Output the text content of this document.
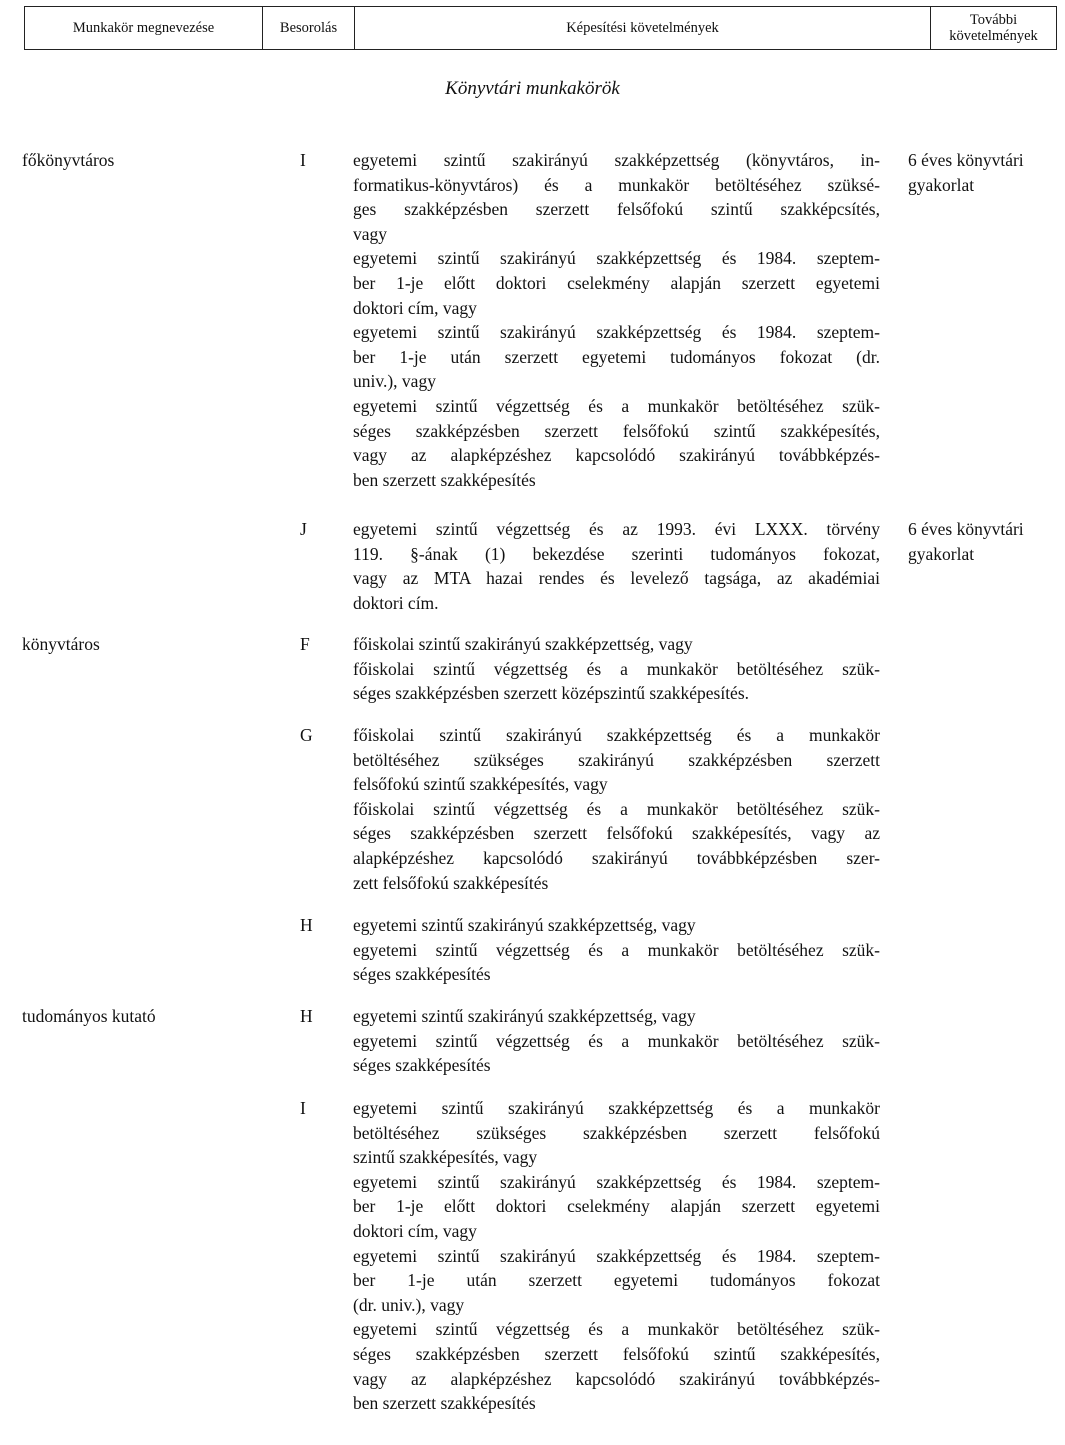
Munkakör megnevezése	Besorolás	Képesítési követelmények	További
követelmények
Könyvtári munkakörök
főkönyvtáros	I	egyetemi szintű szakirányú szakképzettség (könyvtáros, in-
formatikus-könyvtáros) és a munkakör betöltéséhez szüksé-
ges szakképzésben szerzett felsőfokú szintű szakképcsítés,
vagy
egyetemi szintű szakirányú szakképzettség és 1984. szeptem-
ber 1-je előtt doktori cselekmény alapján szerzett egyetemi
doktori cím, vagy
egyetemi szintű szakirányú szakképzettség és 1984. szeptem-
ber 1-je után szerzett egyetemi tudományos fokozat (dr.
univ.), vagy
egyetemi szintű végzettség és a munkakör betöltéséhez szük-
séges szakképzésben szerzett felsőfokú szintű szakképesítés,
vagy az alapképzéshez kapcsolódó szakirányú továbbképzés-
ben szerzett szakképesítés
6 éves könyvtári
gyakorlat
J	egyetemi szintű végzettség és az 1993. évi LXXX. törvény
119. §-ának (1) bekezdése szerinti tudományos fokozat,
vagy az MTA hazai rendes és levelező tagsága, az akadémiai
doktori cím.
6 éves könyvtári
gyakorlat
könyvtáros	F főiskolai szintű szakirányú szakképzettség, vagy
főiskolai szintű végzettség és a munkakör betöltéséhez szük-
séges szakképzésben szerzett középszintű szakképesítés.
G főiskolai szintű szakirányú szakképzettség és a munkakör
betöltéséhez szükséges szakirányú szakképzésben szerzett
felsőfokú szintű szakképesítés, vagy
főiskolai szintű végzettség és a munkakör betöltéséhez szük-
séges szakképzésben szerzett felsőfokú szakképesítés, vagy az
alapképzéshez kapcsolódó szakirányú továbbképzésben szer-
zett felsőfokú szakképesítés
H egyetemi szintű szakirányú szakképzettség, vagy
egyetemi szintű végzettség és a munkakör betöltéséhez szük-
séges szakképesítés
tudományos kutató	H egyetemi szintű szakirányú szakképzettség, vagy
egyetemi szintű végzettség és a munkakör betöltéséhez szük-
séges szakképesítés
I	egyetemi szintű szakirányú szakképzettség és a munkakör
betöltéséhez szükséges szakképzésben szerzett felsőfokú
szintű szakképesítés, vagy
egyetemi szintű szakirányú szakképzettség és 1984. szeptem-
ber 1-je előtt doktori cselekmény alapján szerzett egyetemi
doktori cím, vagy
egyetemi szintű szakirányú szakképzettség és 1984. szeptem-
ber 1-je után szerzett egyetemi tudományos fokozat
(dr. univ.), vagy
egyetemi szintű végzettség és a munkakör betöltéséhez szük-
séges szakképzésben szerzett felsőfokú szintű szakképesítés,
vagy az alapképzéshez kapcsolódó szakirányú továbbképzés-
ben szerzett szakképesítés
